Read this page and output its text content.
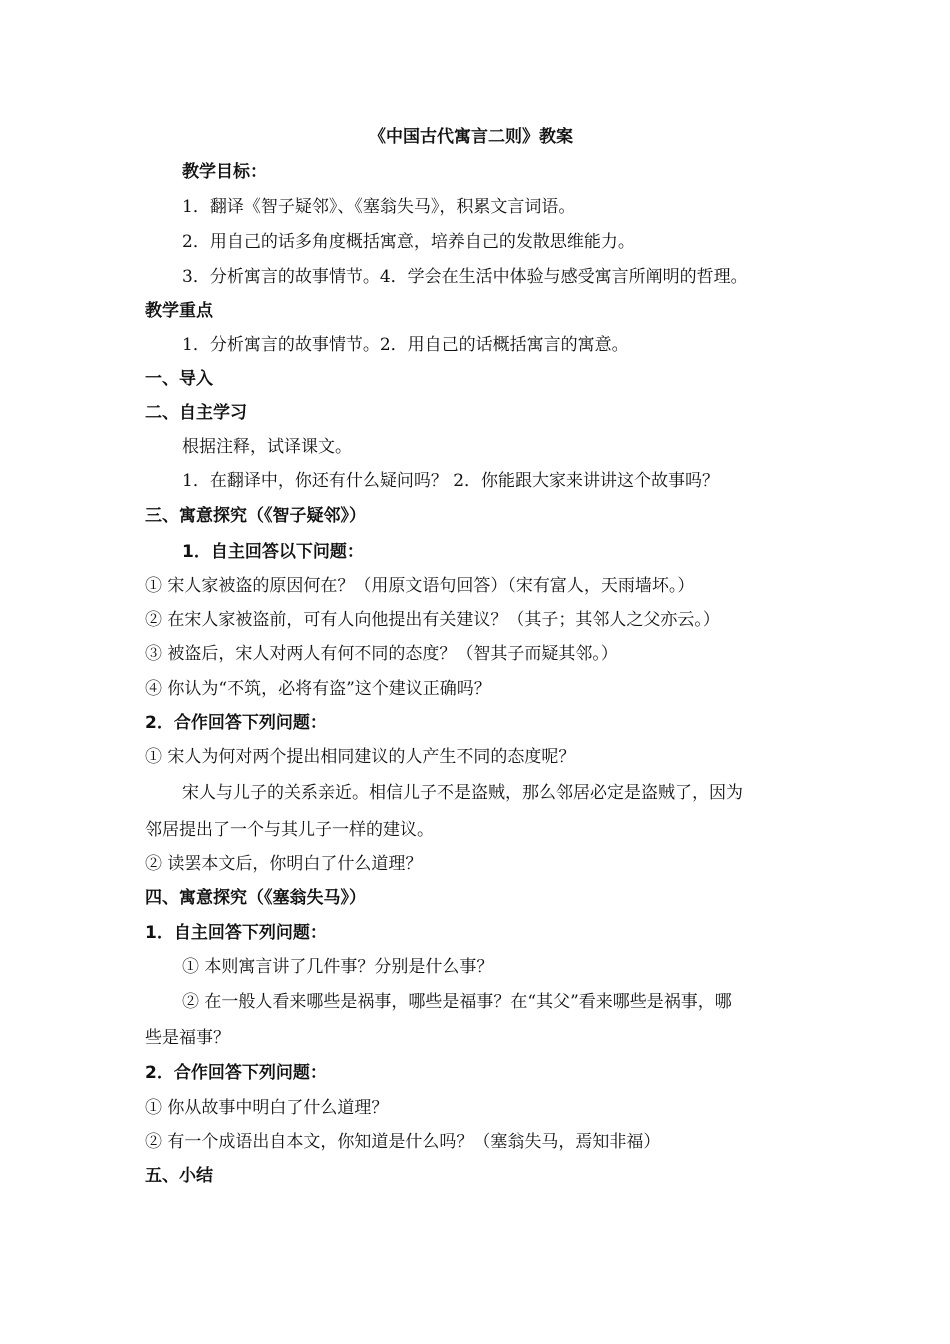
《中国古代寓言二则》教案
教学目标：
1．翻译《智子疑邻》、《塞翁失马》，积累文言词语。
2．用自己的话多角度概括寓意，培养自己的发散思维能力。
3．分析寓言的故事情节。4．学会在生活中体验与感受寓言所阐明的哲理。
教学重点
1．分析寓言的故事情节。2．用自己的话概括寓言的寓意。
一、导入
二、自主学习
根据注释，试译课文。
1．在翻译中，你还有什么疑问吗？ 2．你能跟大家来讲讲这个故事吗？
三、寓意探究（《智子疑邻》）
1．自主回答以下问题：
① 宋人家被盗的原因何在？（用原文语句回答）（宋有富人，天雨墙坏。）
② 在宋人家被盗前，可有人向他提出有关建议？（其子；其邻人之父亦云。）
③ 被盗后，宋人对两人有何不同的态度？（智其子而疑其邻。）
④ 你认为“不筑，必将有盗”这个建议正确吗？
2．合作回答下列问题：
① 宋人为何对两个提出相同建议的人产生不同的态度呢？
宋人与儿子的关系亲近。相信儿子不是盗贼，那么邻居必定是盗贼了，因为
邻居提出了一个与其儿子一样的建议。
② 读罢本文后，你明白了什么道理？
四、寓意探究（《塞翁失马》）
1．自主回答下列问题：
① 本则寓言讲了几件事？分别是什么事？
② 在一般人看来哪些是祸事，哪些是福事？在“其父”看来哪些是祸事，哪
些是福事？
2．合作回答下列问题：
① 你从故事中明白了什么道理？
② 有一个成语出自本文，你知道是什么吗？（塞翁失马，焉知非福）
五、小结
